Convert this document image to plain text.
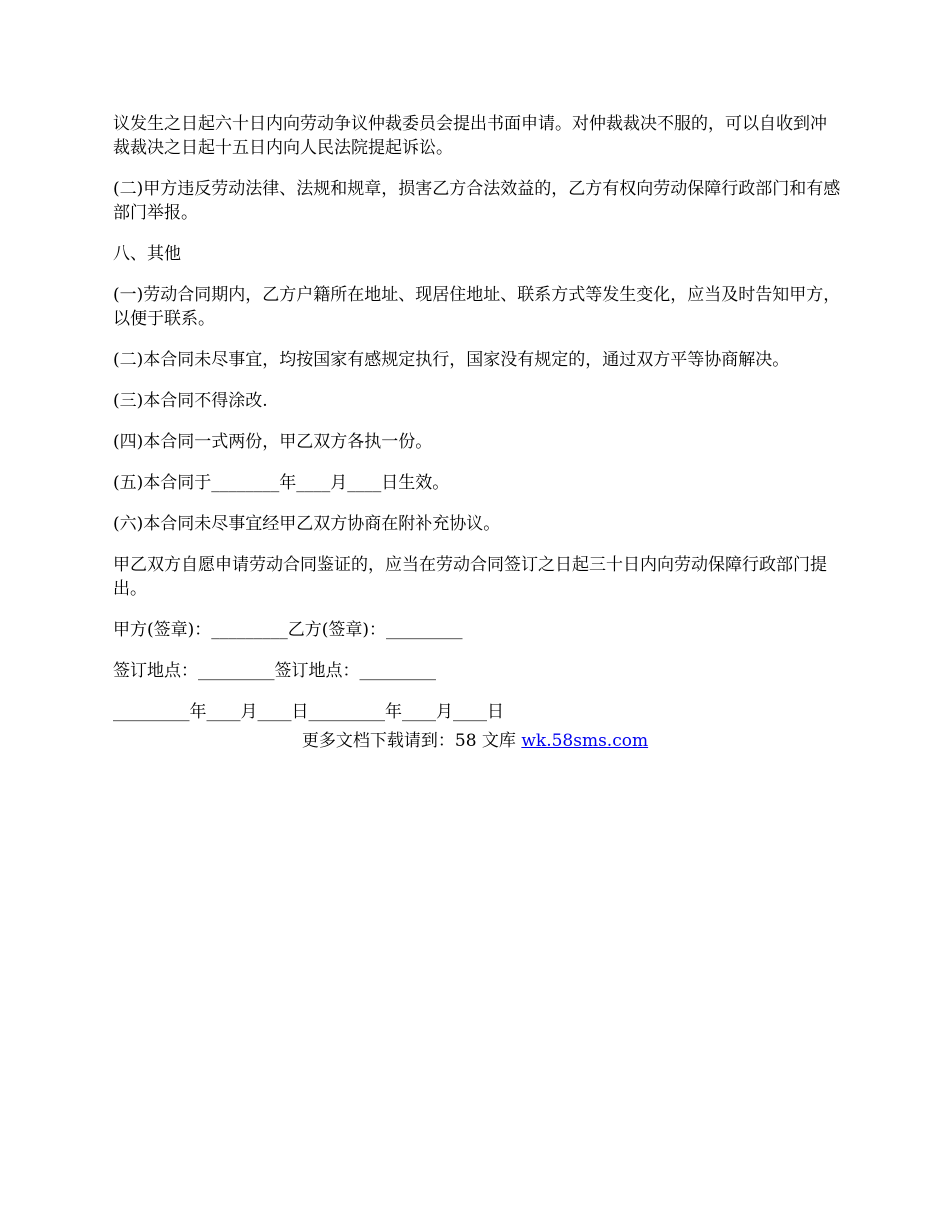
议发生之日起六十日内向劳动争议仲裁委员会提出书面申请。对仲裁裁决不服的，可以自收到冲裁裁决之日起十五日内向人民法院提起诉讼。

(二)甲方违反劳动法律、法规和规章，损害乙方合法效益的，乙方有权向劳动保障行政部门和有感部门举报。

八、其他

(一)劳动合同期内，乙方户籍所在地址、现居住地址、联系方式等发生变化，应当及时告知甲方，以便于联系。

(二)本合同未尽事宜，均按国家有感规定执行，国家没有规定的，通过双方平等协商解决。

(三)本合同不得涂改.

(四)本合同一式两份，甲乙双方各执一份。

(五)本合同于________年____月____日生效。

(六)本合同未尽事宜经甲乙双方协商在附补充协议。

甲乙双方自愿申请劳动合同鉴证的，应当在劳动合同签订之日起三十日内向劳动保障行政部门提出。

甲方(签章)：_________乙方(签章)：_________

签订地点：_________签订地点：_________

_________年____月____日_________年____月____日

更多文档下载请到：58 文库 wk.58sms.com
